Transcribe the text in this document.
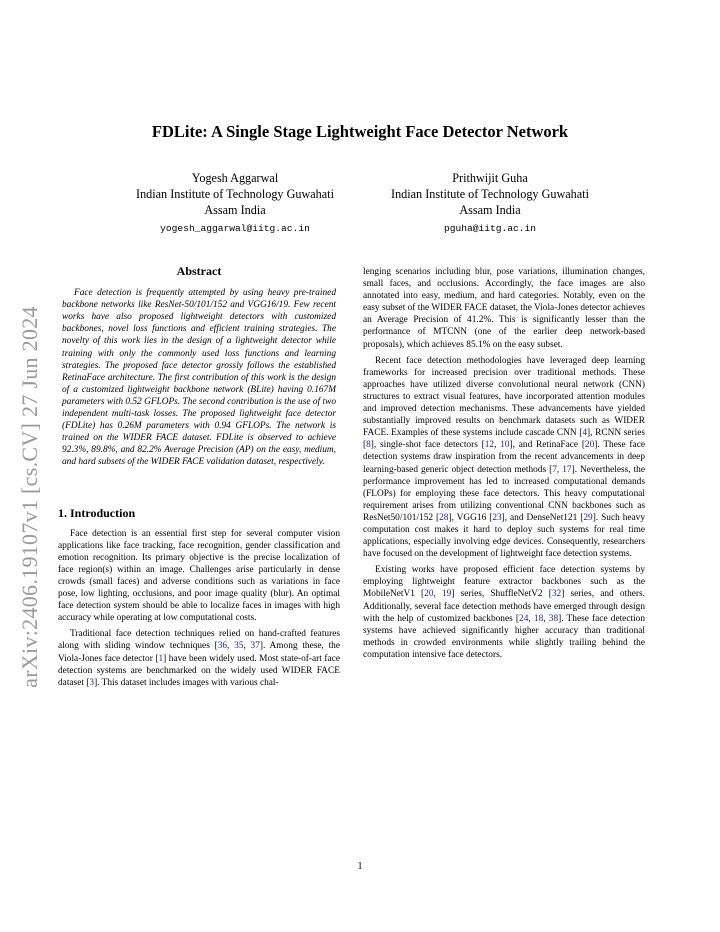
arXiv:2406.19107v1 [cs.CV] 27 Jun 2024
FDLite: A Single Stage Lightweight Face Detector Network
Yogesh Aggarwal
Indian Institute of Technology Guwahati
Assam India
yogesh_aggarwal@iitg.ac.in
Prithwijit Guha
Indian Institute of Technology Guwahati
Assam India
pguha@iitg.ac.in
Abstract

Face detection is frequently attempted by using heavy pre-trained backbone networks like ResNet-50/101/152 and VGG16/19. Few recent works have also proposed lightweight detectors with customized backbones, novel loss functions and efficient training strategies. The novelty of this work lies in the design of a lightweight detector while training with only the commonly used loss functions and learning strategies. The proposed face detector grossly follows the established RetinaFace architecture. The first contribution of this work is the design of a customized lightweight backbone network (BLite) having 0.167M parameters with 0.52 GFLOPs. The second contribution is the use of two independent multi-task losses. The proposed lightweight face detector (FDLite) has 0.26M parameters with 0.94 GFLOPs. The network is trained on the WIDER FACE dataset. FDLite is observed to achieve 92.3%, 89.8%, and 82.2% Average Precision (AP) on the easy, medium, and hard subsets of the WIDER FACE validation dataset, respectively.

1. Introduction

Face detection is an essential first step for several computer vision applications like face tracking, face recognition, gender classification and emotion recognition. Its primary objective is the precise localization of face region(s) within an image. Challenges arise particularly in dense crowds (small faces) and adverse conditions such as variations in face pose, low lighting, occlusions, and poor image quality (blur). An optimal face detection system should be able to localize faces in images with high accuracy while operating at low computational costs.

Traditional face detection techniques relied on hand-crafted features along with sliding window techniques [36, 35, 37]. Among these, the Viola-Jones face detector [1] have been widely used. Most state-of-art face detection systems are benchmarked on the widely used WIDER FACE dataset [3]. This dataset includes images with various chal-

lenging scenarios including blur, pose variations, illumination changes, small faces, and occlusions. Accordingly, the face images are also annotated into easy, medium, and hard categories. Notably, even on the easy subset of the WIDER FACE dataset, the Viola-Jones detector achieves an Average Precision of 41.2%. This is significantly lesser than the performance of MTCNN (one of the earlier deep network-based proposals), which achieves 85.1% on the easy subset.

Recent face detection methodologies have leveraged deep learning frameworks for increased precision over traditional methods. These approaches have utilized diverse convolutional neural network (CNN) structures to extract visual features, have incorporated attention modules and improved detection mechanisms. These advancements have yielded substantially improved results on benchmark datasets such as WIDER FACE. Examples of these systems include cascade CNN [4], RCNN series [8], single-shot face detectors [12, 10], and RetinaFace [20]. These face detection systems draw inspiration from the recent advancements in deep learning-based generic object detection methods [7, 17]. Nevertheless, the performance improvement has led to increased computational demands (FLOPs) for employing these face detectors. This heavy computational requirement arises from utilizing conventional CNN backbones such as ResNet50/101/152 [28], VGG16 [23], and DenseNet121 [29]. Such heavy computation cost makes it hard to deploy such systems for real time applications, especially involving edge devices. Consequently, researchers have focused on the development of lightweight face detection systems.

Existing works have proposed efficient face detection systems by employing lightweight feature extractor backbones such as the MobileNetV1 [20, 19] series, ShuffleNetV2 [32] series, and others. Additionally, several face detection methods have emerged through design with the help of customized backbones [24, 18, 38]. These face detection systems have achieved significantly higher accuracy than traditional methods in crowded environments while slightly trailing behind the computation intensive face detectors.

1
